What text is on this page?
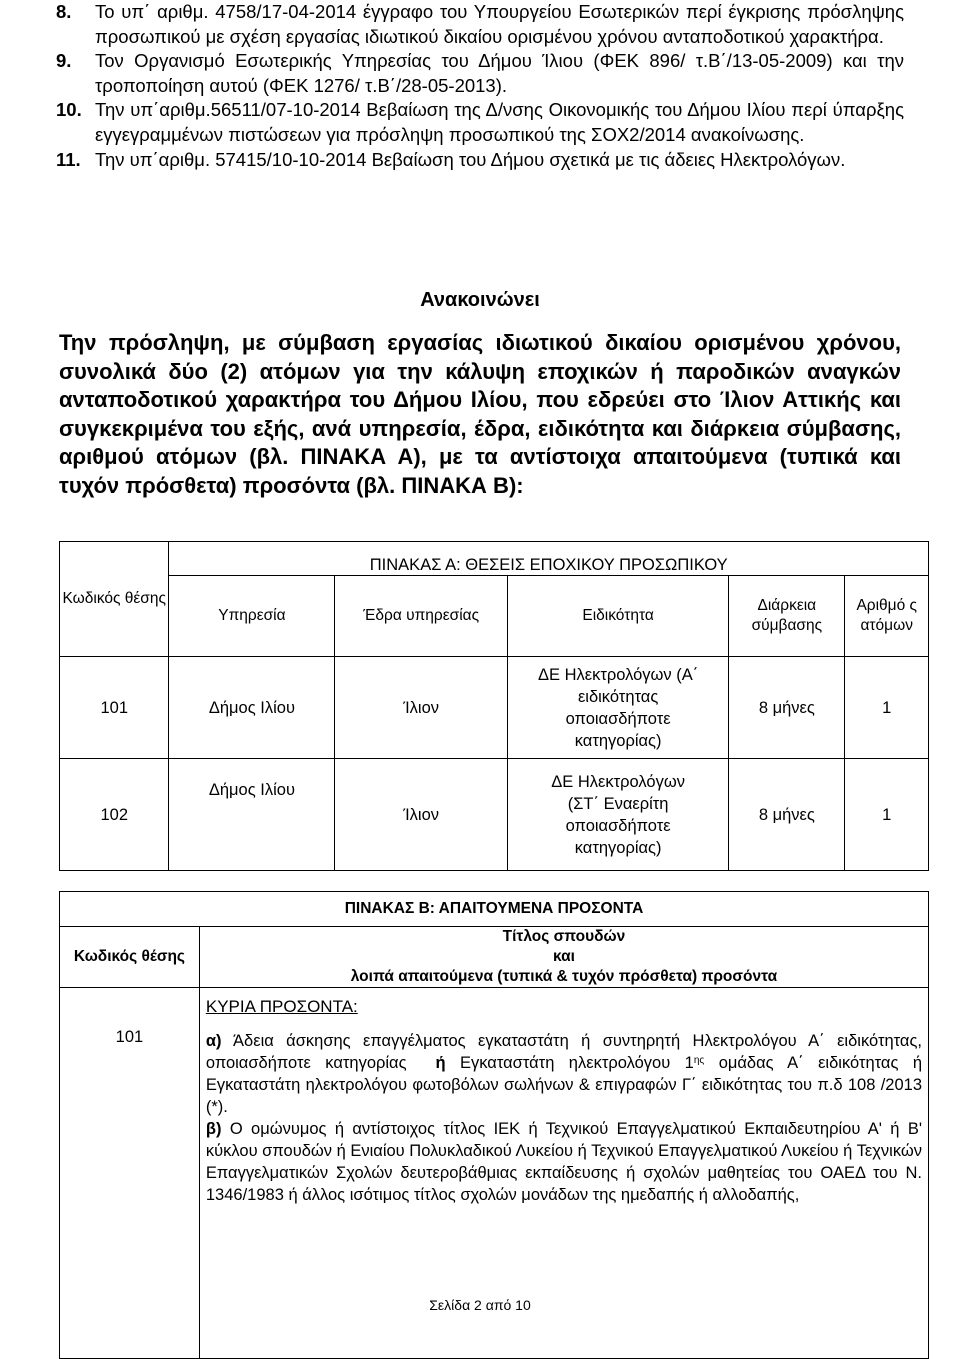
8. Το υπ΄ αριθμ. 4758/17-04-2014 έγγραφο του Υπουργείου Εσωτερικών περί έγκρισης πρόσληψης προσωπικού με σχέση εργασίας ιδιωτικού δικαίου ορισμένου χρόνου ανταποδοτικού χαρακτήρα.
9. Τον Οργανισμό Εσωτερικής Υπηρεσίας του Δήμου Ίλιου (ΦΕΚ 896/ τ.Β΄/13-05-2009) και την τροποποίηση αυτού (ΦΕΚ 1276/ τ.Β΄/28-05-2013).
10. Την υπ΄αριθμ.56511/07-10-2014 Βεβαίωση της Δ/νσης Οικονομικής του Δήμου Ιλίου περί ύπαρξης εγγεγραμμένων πιστώσεων για πρόσληψη προσωπικού της ΣΟΧ2/2014 ανακοίνωσης.
11. Την υπ΄αριθμ. 57415/10-10-2014 Βεβαίωση του Δήμου σχετικά με τις άδειες Ηλεκτρολόγων.
Ανακοινώνει
Την πρόσληψη, με σύμβαση εργασίας ιδιωτικού δικαίου ορισμένου χρόνου, συνολικά δύο (2) ατόμων για την κάλυψη εποχικών ή παροδικών αναγκών ανταποδοτικού χαρακτήρα του Δήμου Ιλίου, που εδρεύει στο Ίλιον Αττικής και συγκεκριμένα του εξής, ανά υπηρεσία, έδρα, ειδικότητα και διάρκεια σύμβασης, αριθμού ατόμων (βλ. ΠΙΝΑΚΑ Α), με τα αντίστοιχα απαιτούμενα (τυπικά και τυχόν πρόσθετα) προσόντα (βλ. ΠΙΝΑΚΑ Β):
Κωδικός θέσης	ΠΙΝΑΚΑΣ Α: ΘΕΣΕΙΣ ΕΠΟΧΙΚΟΥ ΠΡΟΣΩΠΙΚΟΥ				
	Υπηρεσία	Έδρα υπηρεσίας	Ειδικότητα	Διάρκεια σύμβασης	Αριθμό ς ατόμων
101	Δήμος Ιλίου	Ίλιον	ΔΕ Ηλεκτρολόγων (Α΄ ειδικότητας οποιασδήποτε κατηγορίας)	8 μήνες	1
102	Δήμος Ιλίου	Ίλιον	ΔΕ Ηλεκτρολόγων (ΣΤ΄ Εναερίτη οποιασδήποτε κατηγορίας)	8 μήνες	1
ΠΙΝΑΚΑΣ Β: ΑΠΑΙΤΟΥΜΕΝΑ ΠΡΟΣΟΝΤΑ	
Κωδικός θέσης	Τίτλος σπουδών
και
λοιπά απαιτούμενα (τυπικά & τυχόν πρόσθετα) προσόντα

101	ΚΥΡΙΑ ΠΡΟΣΟΝΤΑ:

α) Άδεια άσκησης επαγγέλματος εγκαταστάτη ή συντηρητή Ηλεκτρολόγου Α΄ ειδικότητας, οποιασδήποτε κατηγορίας ή Εγκαταστάτη ηλεκτρολόγου $1^{\eta\varsigma}$ ομάδας Α΄ ειδικότητας ή Εγκαταστάτη ηλεκτρολόγου φωτοβόλων σωλήνων & επιγραφών Γ΄ ειδικότητας του π.δ 108 /2013 (*).

β) Ο ομώνυμος ή αντίστοιχος τίτλος ΙΕΚ ή Τεχνικού Επαγγελματικού Εκπαιδευτηρίου Α' ή Β' κύκλου σπουδών ή Ενιαίου Πολυκλαδικού Λυκείου ή Τεχνικού Επαγγελματικού Λυκείου ή Τεχνικών Επαγγελματικών Σχολών δευτεροβάθμιας εκπαίδευσης ή σχολών μαθητείας του ΟΑΕΔ του Ν. 1346/1983 ή άλλος ισότιμος τίτλος σχολών μονάδων της ημεδαπής ή αλλοδαπής,

Σελίδα 2 από 10
